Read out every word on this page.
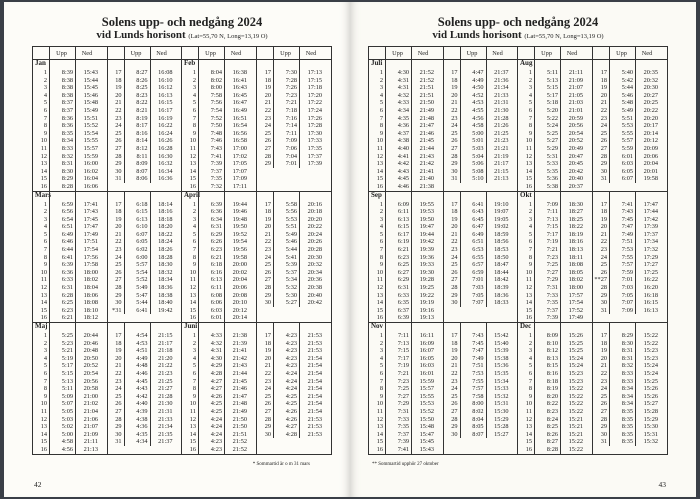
Solens upp- och nedgång 2024
vid Lunds horisont (Lat=55,70 N, Long=13,19 O)
Upp	Ned
Jan
1	8:39	15:43
2	8:38	15:44
3	8:38	15:45
4	8:38	15:46
5	8:37	15:48
6	8:37	15:49
7	8:36	15:51
8	8:36	15:52
9	8:35	15:54
10	8:34	15:55
11	8:33	15:57
12	8:32	15:59
13	8:31	16:00
14	8:30	16:02
15	8:29	16:04
16	8:28	16:06
Upp	Ned
17	8:27	16:08
18	8:26	16:10
19	8:25	16:12
20	8:23	16:13
21	8:22	16:15
22	8:21	16:17
23	8:19	16:19
24	8:17	16:22
25	8:16	16:24
26	8:14	16:26
27	8:12	16:28
28	8:11	16:30
29	8:09	16:32
30	8:07	16:34
31	8:06	16:36
Upp	Ned
Feb
1	8:04	16:38
2	8:02	16:41
3	8:00	16:43
4	7:58	16:45
5	7:56	16:47
6	7:54	16:49
7	7:52	16:51
8	7:50	16:54
9	7:48	16:56
10	7:46	16:58
11	7:43	17:00
12	7:41	17:02
13	7:39	17:05
14	7:37	17:07
15	7:35	17:09
16	7:32	17:11
Upp	Ned
17	7:30	17:13
18	7:28	17:15
19	7:26	17:18
20	7:23	17:20
21	7:21	17:22
22	7:18	17:24
23	7:16	17:26
24	7:14	17:28
25	7:11	17:30
26	7:09	17:33
27	7:06	17:35
28	7:04	17:37
29	7:01	17:39
Mars
1	6:59	17:41
2	6:56	17:43
3	6:54	17:45
4	6:51	17:47
5	6:49	17:49
6	6:46	17:51
7	6:44	17:54
8	6:41	17:56
9	6:39	17:58
10	6:36	18:00
11	6:33	18:02
12	6:31	18:04
13	6:28	18:06
14	6:25	18:08
15	6:23	18:10
16	6:21	18:12
17	6:18	18:14
18	6:15	18:16
19	6:13	18:18
20	6:10	18:20
21	6:07	18:22
22	6:05	18:24
23	6:02	18:26
24	6:00	18:28
25	5:57	18:30
26	5:54	18:32
27	5:52	18:34
28	5:49	18:36
29	5:47	18:38
30	5:44	18:40
*31	6:41	19:42
April
1	6:39	19:44
2	6:36	19:46
3	6:34	19:48
4	6:31	19:50
5	6:29	19:52
6	6:26	19:54
7	6:23	19:56
8	6:21	19:58
9	6:18	20:00
10	6:16	20:02
11	6:13	20:04
12	6:11	20:06
13	6:08	20:08
14	6:06	20:10
15	6:03	20:12
16	6:01	20:14
17	5:58	20:16
18	5:56	20:18
19	5:53	20:20
20	5:51	20:22
21	5:49	20:24
22	5:46	20:26
23	5:44	20:28
24	5:41	20:30
25	5:39	20:32
26	5:37	20:34
27	5:34	20:36
28	5:32	20:38
29	5:30	20:40
30	5:27	20:42
Maj
1	5:25	20:44
2	5:23	20:46
3	5:21	20:48
4	5:19	20:50
5	5:17	20:52
6	5:15	20:54
7	5:13	20:56
8	5:11	20:58
9	5:09	21:00
10	5:07	21:02
11	5:05	21:04
12	5:03	21:06
13	5:02	21:07
14	5:00	21:09
15	4:58	21:11
16	4:56	21:13
17	4:54	21:15
18	4:53	21:17
19	4:51	21:18
20	4:49	21:20
21	4:48	21:22
22	4:46	21:23
23	4:45	21:25
24	4:43	21:27
25	4:42	21:28
26	4:40	21:30
27	4:39	21:31
28	4:38	21:33
29	4:36	21:34
30	4:35	21:35
31	4:34	21:37
Juni
1	4:33	21:38
2	4:32	21:39
3	4:31	21:41
4	4:30	21:42
5	4:29	21:43
6	4:28	21:44
7	4:27	21:45
8	4:27	21:46
9	4:26	21:47
10	4:25	21:48
11	4:25	21:49
12	4:24	21:50
13	4:24	21:50
14	4:24	21:51
15	4:23	21:52
16	4:23	21:52
17	4:23	21:53
18	4:23	21:53
19	4:23	21:53
20	4:23	21:54
21	4:23	21:54
22	4:24	21:54
23	4:24	21:54
24	4:24	21:54
25	4:25	21:54
26	4:25	21:54
27	4:26	21:54
28	4:26	21:53
29	4:27	21:53
30	4:28	21:53
* Sommartid är o m 31 mars
42
Solens upp- och nedgång 2024
vid Lunds horisont (Lat=55,70 N, Long=13,19 O)
Upp	Ned
Juli
1	4:30	21:52
2	4:31	21:52
3	4:31	21:51
4	4:32	21:51
5	4:33	21:50
6	4:34	21:49
7	4:35	21:48
8	4:36	21:47
9	4:37	21:46
10	4:38	21:45
11	4:40	21:44
12	4:41	21:43
13	4:42	21:42
14	4:43	21:41
15	4:45	21:40
16	4:46	21:38
Upp	Ned
17	4:47	21:37
18	4:49	21:36
19	4:50	21:34
20	4:52	21:33
21	4:53	21:31
22	4:55	21:30
23	4:56	21:28
24	4:58	21:26
25	5:00	21:25
26	5:01	21:23
27	5:03	21:21
28	5:04	21:19
29	5:06	21:17
30	5:08	21:15
31	5:10	21:13
Upp	Ned
Aug
1	5:11	21:11
2	5:13	21:09
3	5:15	21:07
4	5:17	21:05
5	5:18	21:03
6	5:20	21:01
7	5:22	20:59
8	5:24	20:56
9	5:25	20:54
10	5:27	20:52
11	5:29	20:49
12	5:31	20:47
13	5:33	20:45
14	5:35	20:42
15	5:36	20:40
16	5:38	20:37
Upp	Ned
17	5:40	20:35
18	5:42	20:32
19	5:44	20:30
20	5:46	20:27
21	5:48	20:25
22	5:49	20:22
23	5:51	20:20
24	5:53	20:17
25	5:55	20:14
26	5:57	20:12
27	5:59	20:09
28	6:01	20:06
29	6:03	20:04
30	6:05	20:01
31	6:07	19:58
Sep
1	6:09	19:55
2	6:11	19:53
3	6:13	19:50
4	6:15	19:47
5	6:17	19:44
6	6:19	19:42
7	6:21	19:39
8	6:23	19:36
9	6:25	19:33
10	6:27	19:30
11	6:29	19:28
12	6:31	19:25
13	6:33	19:22
14	6:35	19:19
15	6:37	19:16
16	6:39	19:13
17	6:41	19:10
18	6:43	19:07
19	6:45	19:05
20	6:47	19:02
21	6:49	18:59
22	6:51	18:56
23	6:53	18:53
24	6:55	18:50
25	6:57	18:47
26	6:59	18:44
27	7:01	18:42
28	7:03	18:39
29	7:05	18:36
30	7:07	18:33
Okt
1	7:09	18:30
2	7:11	18:27
3	7:13	18:25
4	7:15	18:22
5	7:17	18:19
6	7:19	18:16
7	7:21	18:13
8	7:23	18:11
9	7:25	18:08
10	7:27	18:05
11	7:29	18:02
12	7:31	18:00
13	7:33	17:57
14	7:35	17:54
15	7:37	17:52
16	7:39	17:49
17	7:41	17:47
18	7:43	17:44
19	7:45	17:42
20	7:47	17:39
21	7:49	17:37
22	7:51	17:34
23	7:53	17:32
24	7:55	17:29
25	7:57	17:27
26	7:59	17:25
**27	7:01	16:22
28	7:03	16:20
29	7:05	16:18
30	7:07	16:15
31	7:09	16:13
Nov
1	7:11	16:11
2	7:13	16:09
3	7:15	16:07
4	7:17	16:05
5	7:19	16:03
6	7:21	16:01
7	7:23	15:59
8	7:25	15:57
9	7:27	15:55
10	7:29	15:53
11	7:31	15:52
12	7:33	15:50
13	7:35	15:48
14	7:37	15:47
15	7:39	15:45
16	7:41	15:43
17	7:43	15:42
18	7:45	15:40
19	7:47	15:39
20	7:49	15:38
21	7:51	15:36
22	7:53	15:35
23	7:55	15:34
24	7:57	15:33
25	7:58	15:32
26	8:00	15:31
27	8:02	15:30
28	8:04	15:29
29	8:05	15:28
30	8:07	15:27
Dec
1	8:09	15:26
2	8:10	15:25
3	8:12	15:25
4	8:13	15:24
5	8:15	15:24
6	8:16	15:23
7	8:18	15:23
8	8:19	15:22
9	8:20	15:22
10	8:22	15:22
11	8:23	15:22
12	8:24	15:21
13	8:25	15:21
14	8:26	15:21
15	8:27	15:22
16	8:28	15:22
17	8:29	15:22
18	8:30	15:22
19	8:31	15:23
20	8:31	15:23
21	8:32	15:24
22	8:33	15:24
23	8:33	15:25
24	8:34	15:26
25	8:34	15:26
26	8:34	15:27
27	8:35	15:28
28	8:35	15:29
29	8:35	15:30
30	8:35	15:31
31	8:35	15:32
** Sommartid upphör 27 oktober
43
